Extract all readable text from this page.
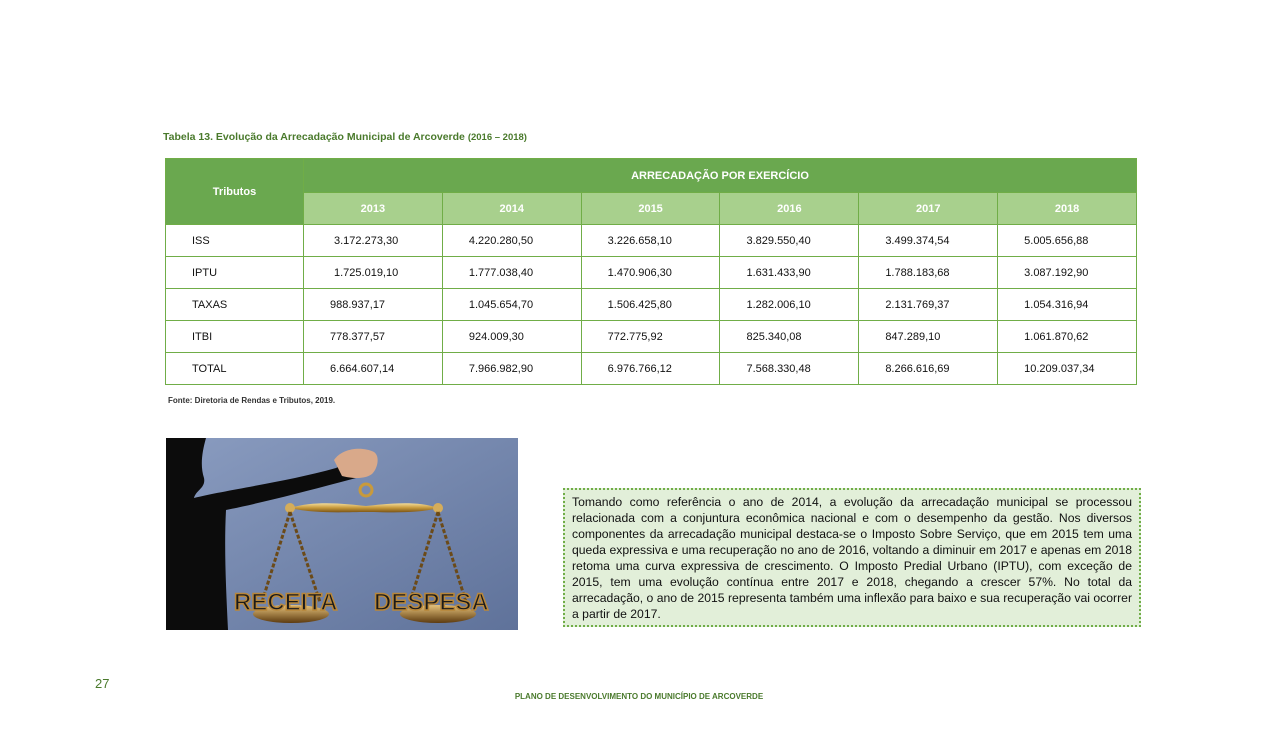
Tabela 13. Evolução da Arrecadação Municipal de Arcoverde (2016 – 2018)
Tributos	ARRECADAÇÃO POR EXERCÍCIO					
	2013	2014	2015	2016	2017	2018
ISS	3.172.273,30	4.220.280,50	3.226.658,10	3.829.550,40	3.499.374,54	5.005.656,88
IPTU	1.725.019,10	1.777.038,40	1.470.906,30	1.631.433,90	1.788.183,68	3.087.192,90
TAXAS	988.937,17	1.045.654,70	1.506.425,80	1.282.006,10	2.131.769,37	1.054.316,94
ITBI	778.377,57	924.009,30	772.775,92	825.340,08	847.289,10	1.061.870,62
TOTAL	6.664.607,14	7.966.982,90	6.976.766,12	7.568.330,48	8.266.616,69	10.209.037,34
Fonte: Diretoria de Rendas e Tributos, 2019.
RECEITA DESPESA
Tomando como referência o ano de 2014, a evolução da arrecadação municipal se processou relacionada com a conjuntura econômica nacional e com o desempenho da gestão. Nos diversos componentes da arrecadação municipal destaca-se o Imposto Sobre Serviço, que em 2015 tem uma queda expressiva e uma recuperação no ano de 2016, voltando a diminuir em 2017 e apenas em 2018 retoma uma curva expressiva de crescimento. O Imposto Predial Urbano (IPTU), com exceção de 2015, tem uma evolução contínua entre 2017 e 2018, chegando a crescer 57%. No total da arrecadação, o ano de 2015 representa também uma inflexão para baixo e sua recuperação vai ocorrer a partir de 2017.
27
PLANO DE DESENVOLVIMENTO DO MUNICÍPIO DE ARCOVERDE
